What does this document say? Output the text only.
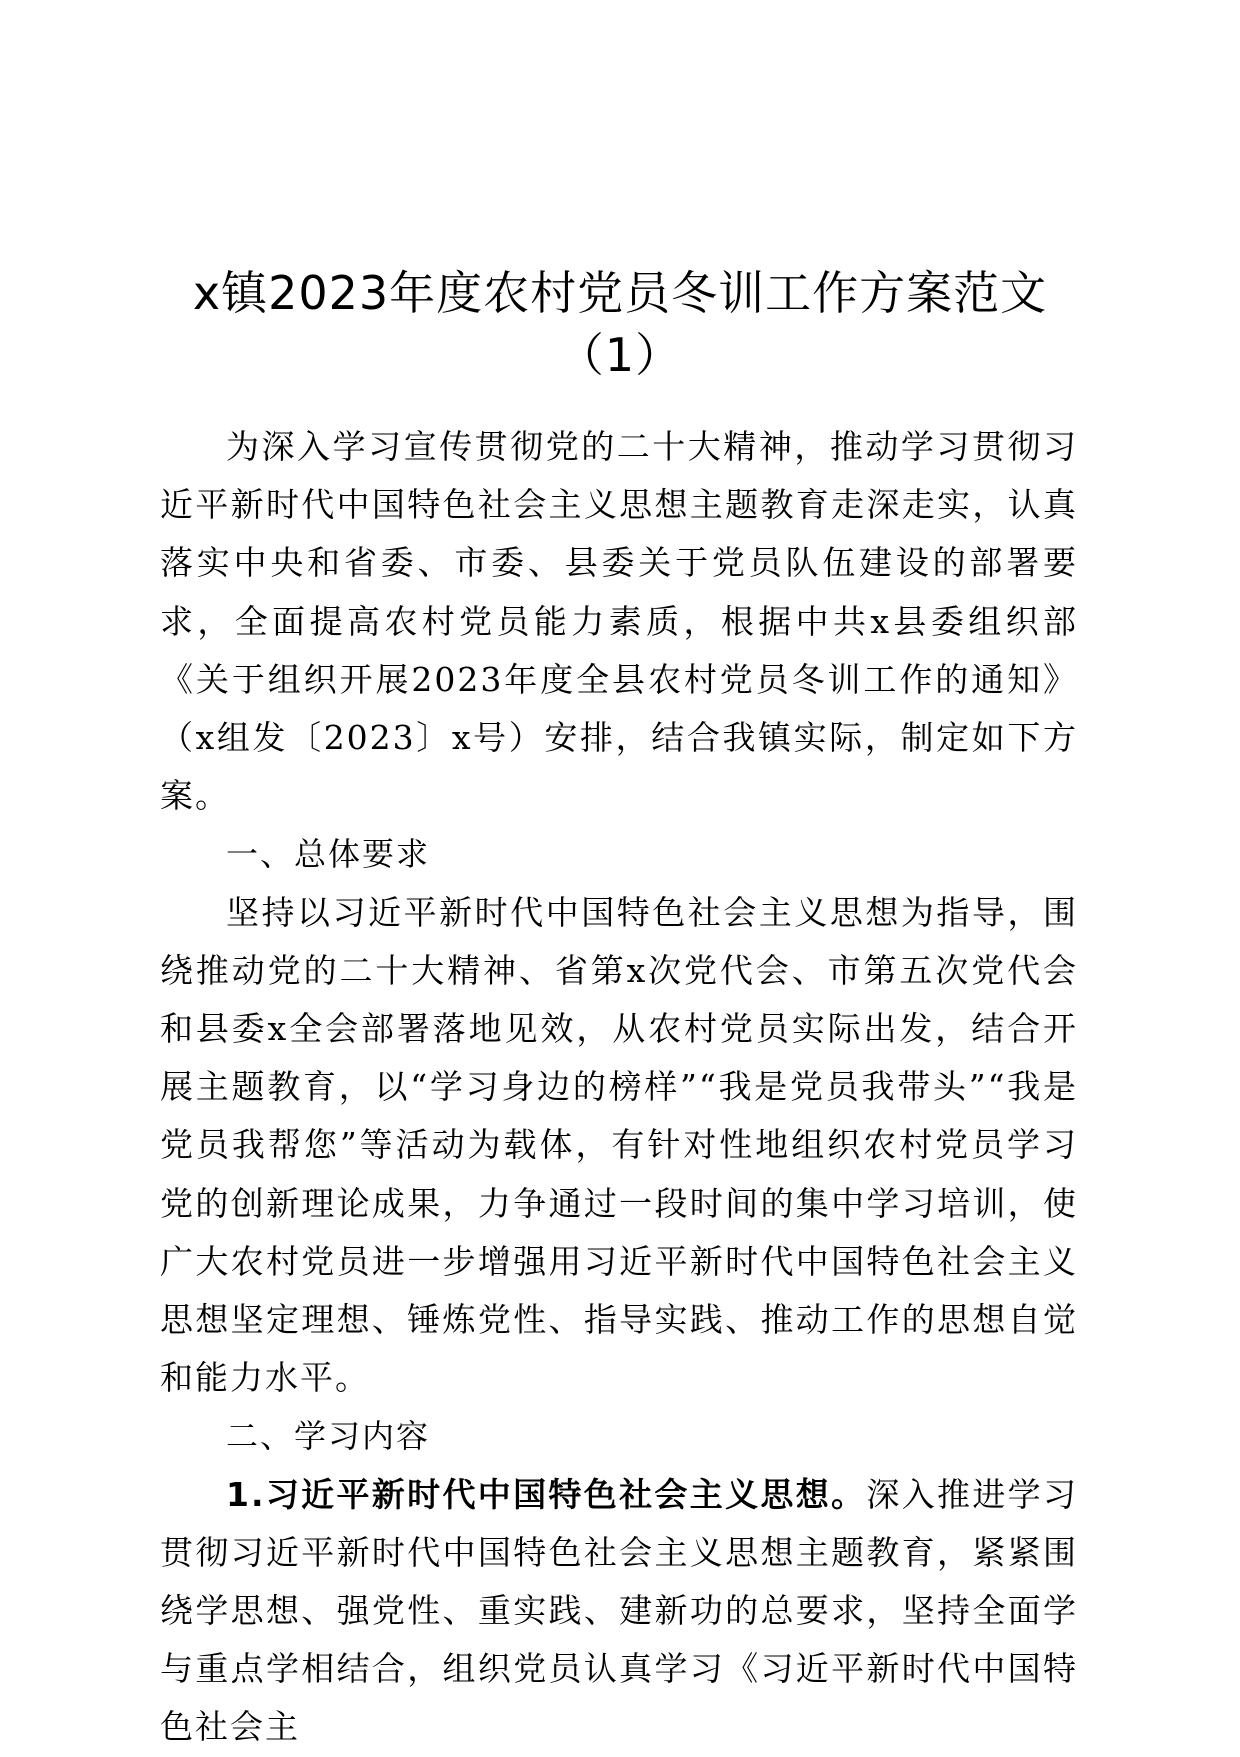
x镇2023年度农村党员冬训工作方案范文
（1）

为深入学习宣传贯彻党的二十大精神，推动学习贯彻习近平新时代中国特色社会主义思想主题教育走深走实，认真落实中央和省委、市委、县委关于党员队伍建设的部署要求，全面提高农村党员能力素质，根据中共x县委组织部《关于组织开展2023年度全县农村党员冬训工作的通知》（x组发〔2023〕x号）安排，结合我镇实际，制定如下方案。

一、总体要求

坚持以习近平新时代中国特色社会主义思想为指导，围绕推动党的二十大精神、省第x次党代会、市第五次党代会和县委x全会部署落地见效，从农村党员实际出发，结合开展主题教育，以“学习身边的榜样”“我是党员我带头”“我是党员我帮您”等活动为载体，有针对性地组织农村党员学习党的创新理论成果，力争通过一段时间的集中学习培训，使广大农村党员进一步增强用习近平新时代中国特色社会主义思想坚定理想、锤炼党性、指导实践、推动工作的思想自觉和能力水平。

二、学习内容

1.习近平新时代中国特色社会主义思想。深入推进学习贯彻习近平新时代中国特色社会主义思想主题教育，紧紧围绕学思想、强党性、重实践、建新功的总要求，坚持全面学与重点学相结合，组织党员认真学习《习近平新时代中国特色社会主
